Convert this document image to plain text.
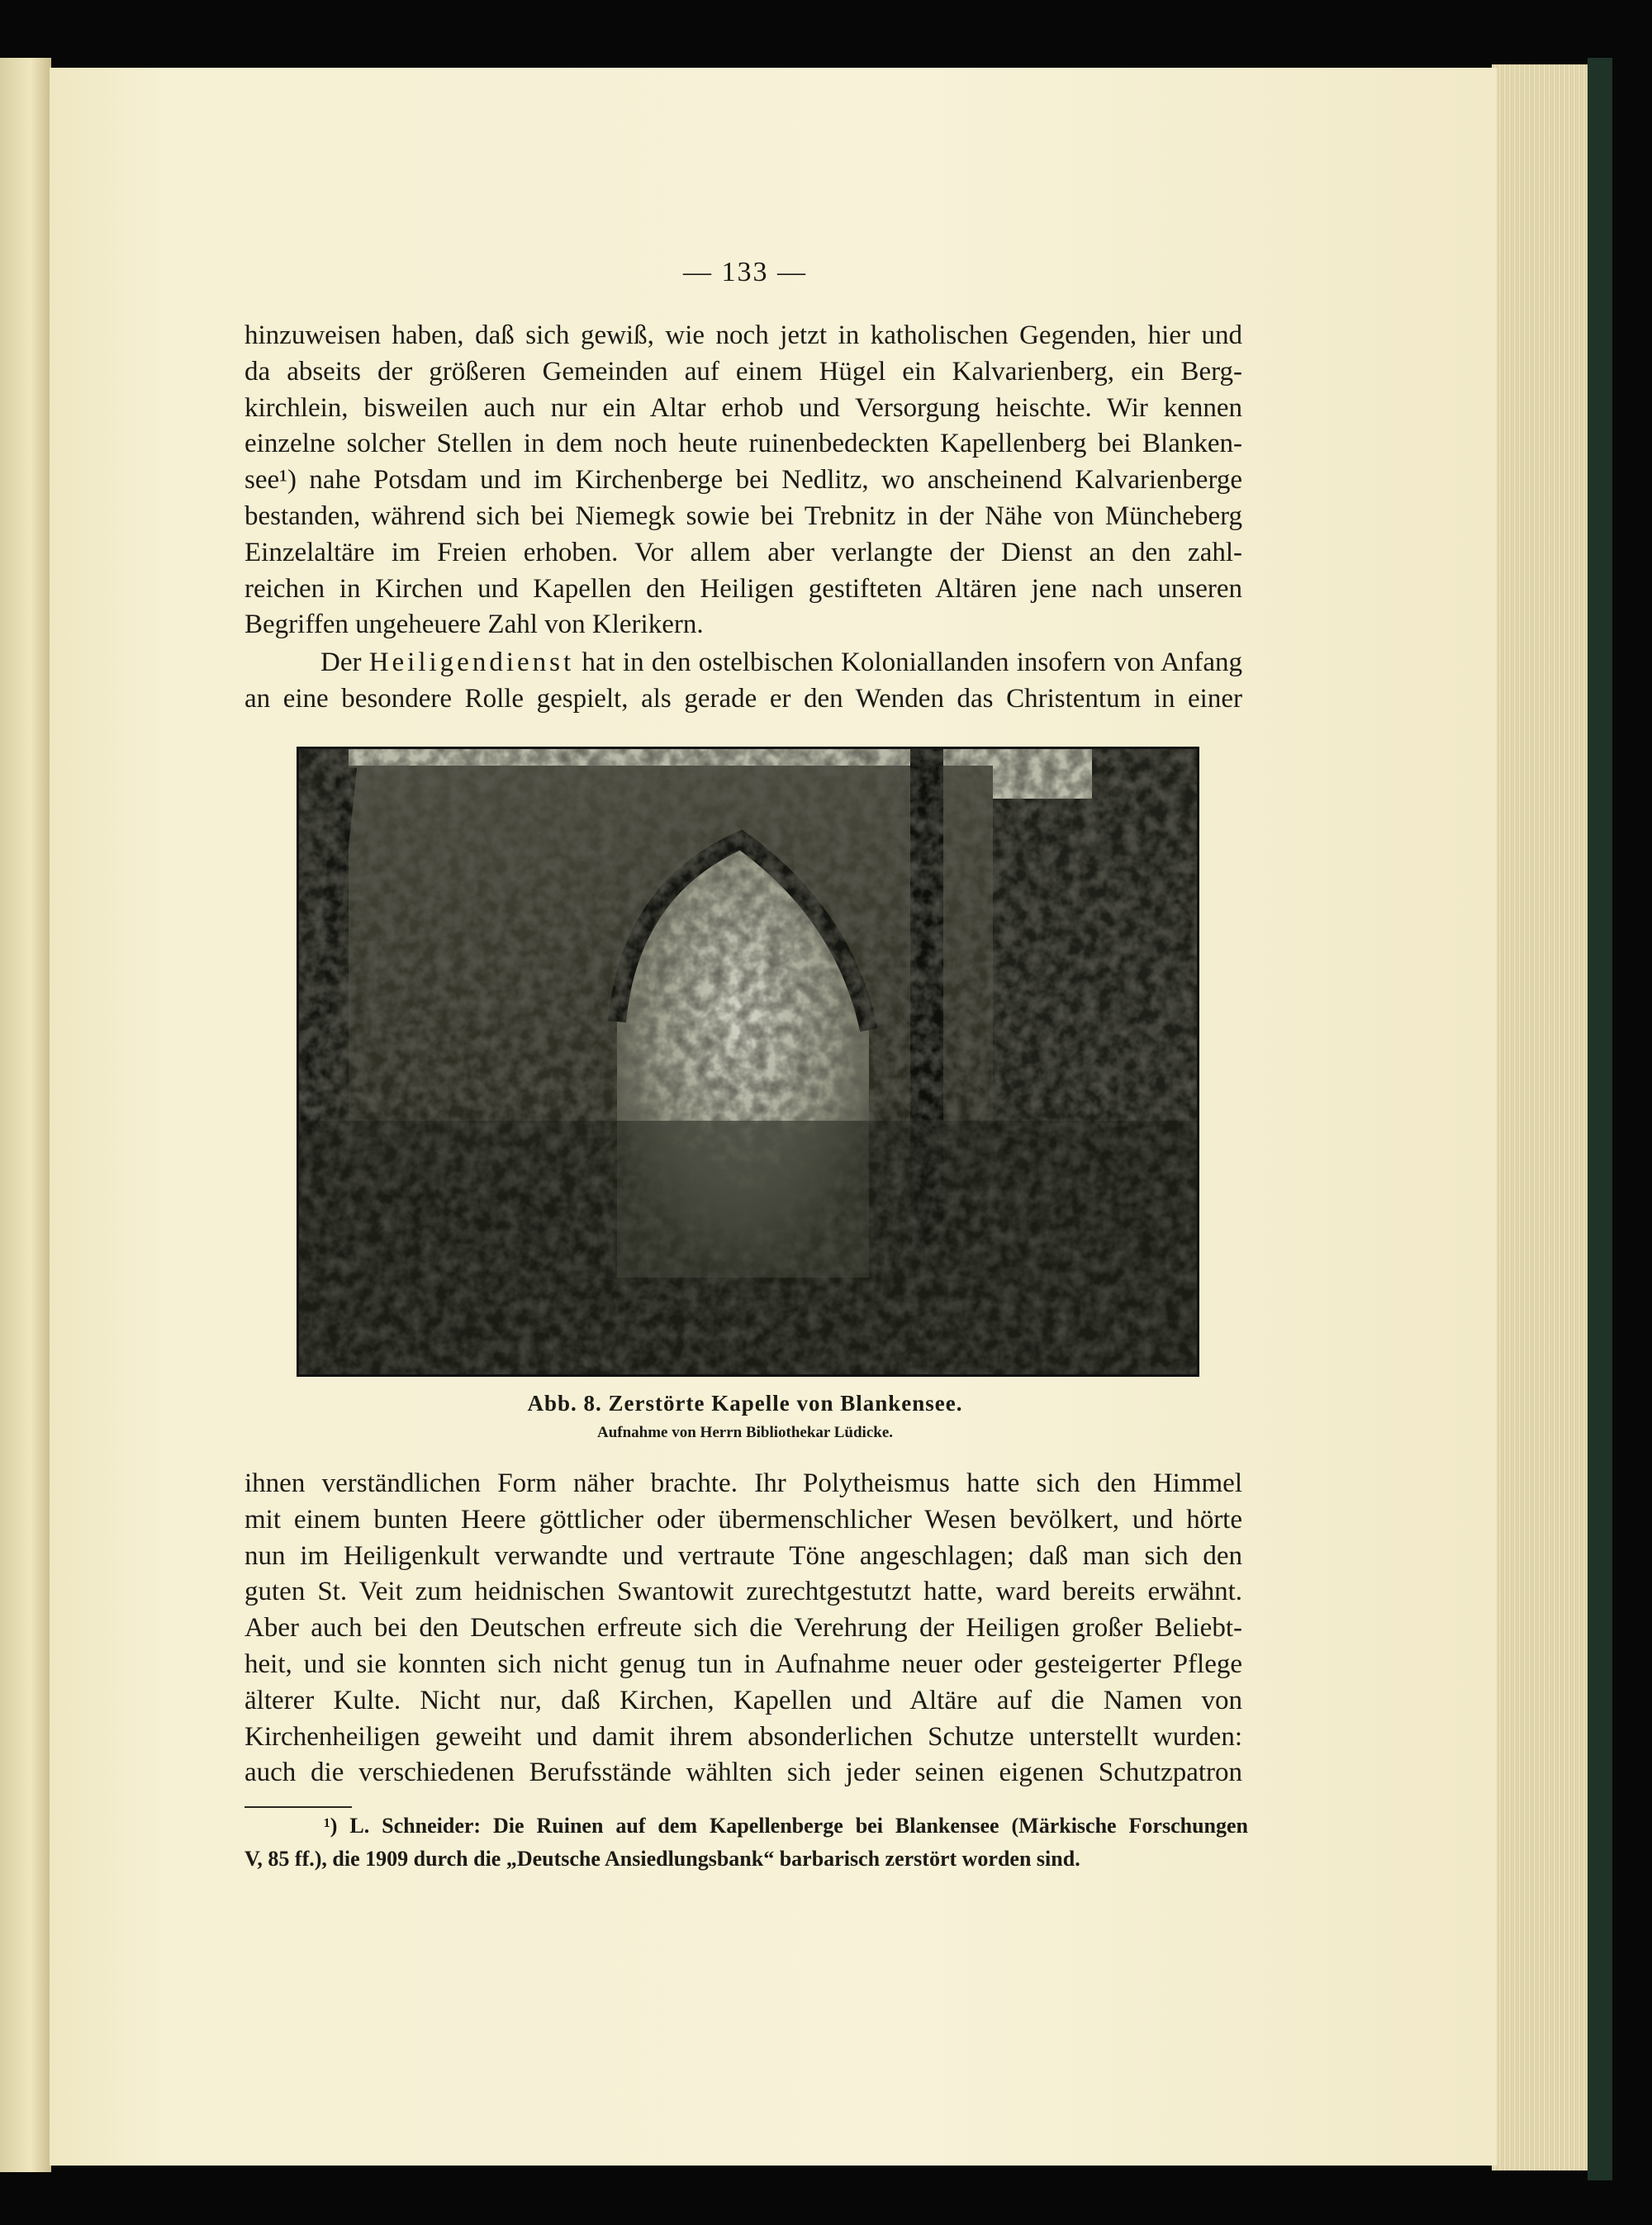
— 133 —
hinzuweisen haben, daß sich gewiß, wie noch jetzt in katholischen Gegenden, hier und
da abseits der größeren Gemeinden auf einem Hügel ein Kalvarienberg, ein Berg-
kirchlein, bisweilen auch nur ein Altar erhob und Versorgung heischte. Wir kennen
einzelne solcher Stellen in dem noch heute ruinenbedeckten Kapellenberg bei Blanken-
see¹) nahe Potsdam und im Kirchenberge bei Nedlitz, wo anscheinend Kalvarienberge
bestanden, während sich bei Niemegk sowie bei Trebnitz in der Nähe von Müncheberg
Einzelaltäre im Freien erhoben. Vor allem aber verlangte der Dienst an den zahl-
reichen in Kirchen und Kapellen den Heiligen gestifteten Altären jene nach unseren
Begriffen ungeheuere Zahl von Klerikern.
Der Heiligendienst hat in den ostelbischen Koloniallanden insofern von Anfang
an eine besondere Rolle gespielt, als gerade er den Wenden das Christentum in einer
Abb. 8. Zerstörte Kapelle von Blankensee.
Aufnahme von Herrn Bibliothekar Lüdicke.
ihnen verständlichen Form näher brachte. Ihr Polytheismus hatte sich den Himmel
mit einem bunten Heere göttlicher oder übermenschlicher Wesen bevölkert, und hörte
nun im Heiligenkult verwandte und vertraute Töne angeschlagen; daß man sich den
guten St. Veit zum heidnischen Swantowit zurechtgestutzt hatte, ward bereits erwähnt.
Aber auch bei den Deutschen erfreute sich die Verehrung der Heiligen großer Beliebt-
heit, und sie konnten sich nicht genug tun in Aufnahme neuer oder gesteigerter Pflege
älterer Kulte. Nicht nur, daß Kirchen, Kapellen und Altäre auf die Namen von
Kirchenheiligen geweiht und damit ihrem absonderlichen Schutze unterstellt wurden:
auch die verschiedenen Berufsstände wählten sich jeder seinen eigenen Schutzpatron
¹) L. Schneider: Die Ruinen auf dem Kapellenberge bei Blankensee (Märkische Forschungen
V, 85 ff.), die 1909 durch die „Deutsche Ansiedlungsbank“ barbarisch zerstört worden sind.
